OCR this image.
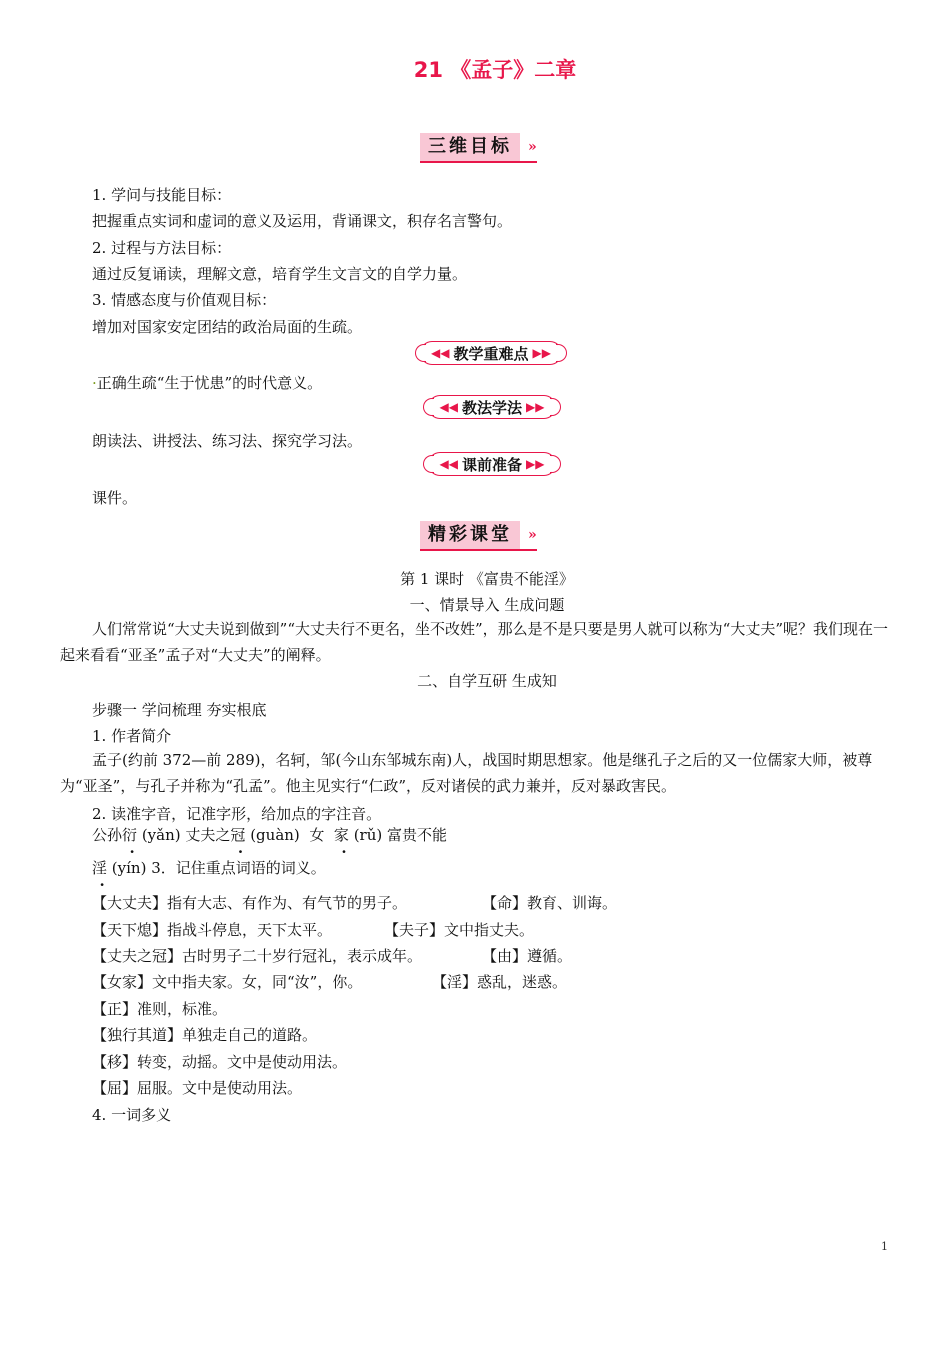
21 《孟子》二章
三维目标	»
1. 学问与技能目标：
把握重点实词和虚词的意义及运用，背诵课文，积存名言警句。
2. 过程与方法目标：
通过反复诵读，理解文意，培育学生文言文的自学力量。
3. 情感态度与价值观目标：
增加对国家安定团结的政治局面的生疏。
◀◀ 教学重难点 ▶▶
·正确生疏“生于忧患”的时代意义。
◀◀ 教法学法 ▶▶
朗读法、讲授法、练习法、探究学习法。
◀◀ 课前准备 ▶▶
课件。
精彩课堂	»
第 1 课时 《富贵不能淫》
一、情景导入 生成问题
人们常常说“大丈夫说到做到”“大丈夫行不更名，坐不改姓”，那么是不是只要是男人就可以称为“大丈夫”呢？我们现在一起来看看“亚圣”孟子对“大丈夫”的阐释。
二、自学互研 生成知
步骤一 学问梳理 夯实根底
1. 作者简介
孟子(约前 372—前 289)，名轲，邹(今山东邹城东南)人，战国时期思想家。他是继孔子之后的又一位儒家大师，被尊为“亚圣”，与孔子并称为“孔孟”。他主见实行“仁政”，反对诸侯的武力兼并，反对暴政害民。
2. 读准字音，记准字形，给加点的字注音。
公孙衍 (yǎn) 丈夫之冠 (guàn) 女 家 (rǔ) 富贵不能
淫 (yín) 3．记住重点词语的词义。
【大丈夫】指有大志、有作为、有气节的男子。	【命】教育、训诲。
【天下熄】指战斗停息，天下太平。	【夫子】文中指丈夫。
【丈夫之冠】古时男子二十岁行冠礼，表示成年。	【由】遵循。
【女家】文中指夫家。女，同“汝”，你。	【淫】惑乱，迷惑。
【正】准则，标准。
【独行其道】单独走自己的道路。
【移】转变，动摇。文中是使动用法。
【屈】屈服。文中是使动用法。
4. 一词多义
1
